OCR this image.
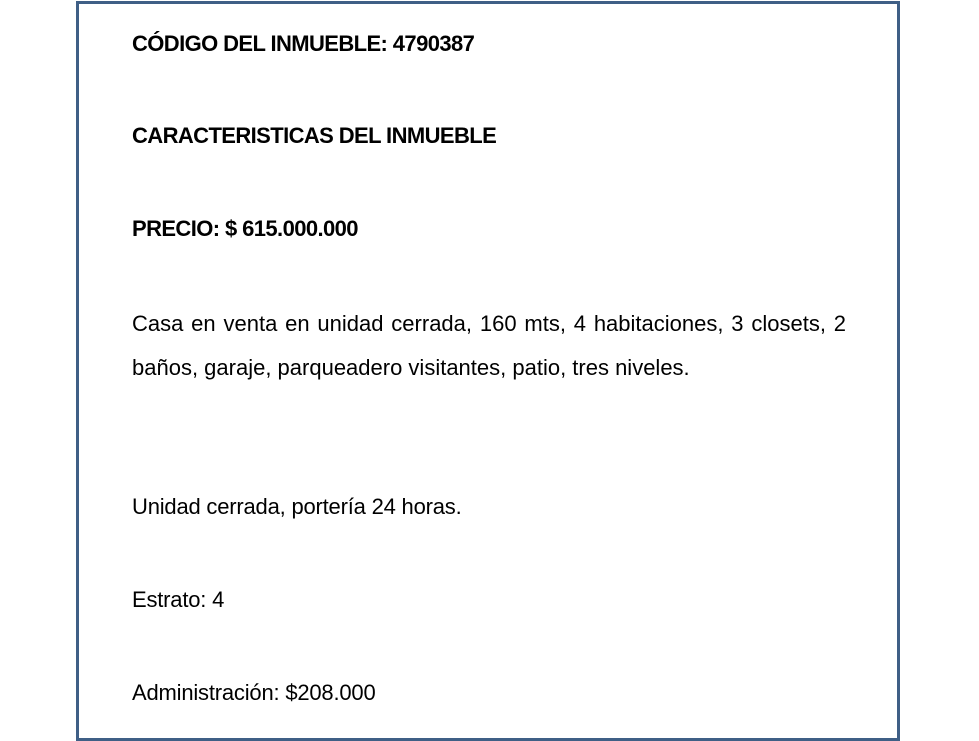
CÓDIGO DEL INMUEBLE: 4790387
CARACTERISTICAS DEL INMUEBLE
PRECIO: $ 615.000.000
Casa en venta en unidad cerrada, 160 mts, 4 habitaciones, 3 closets, 2 baños, garaje, parqueadero visitantes, patio, tres niveles.
Unidad cerrada, portería 24 horas.
Estrato: 4
Administración: $208.000
